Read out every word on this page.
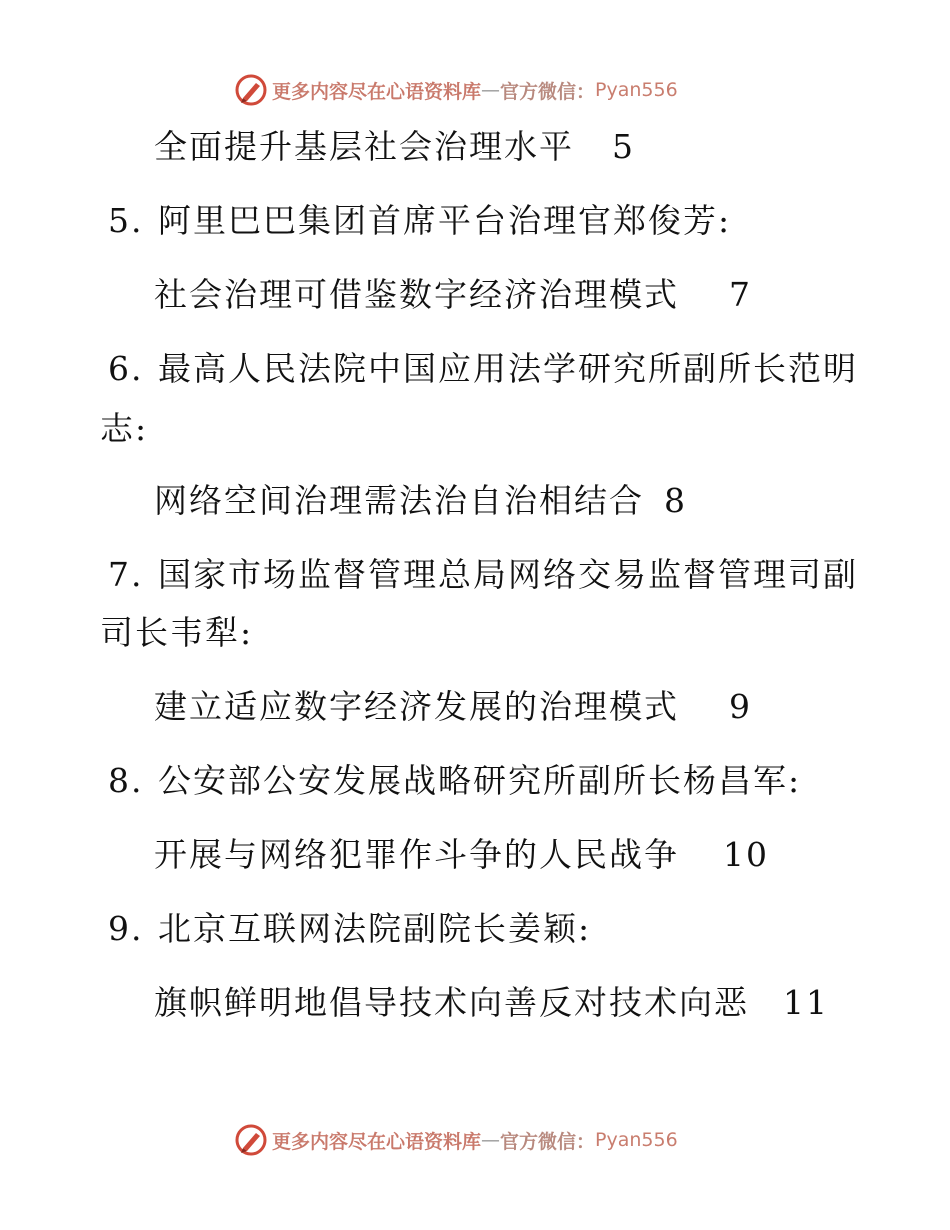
更多内容尽在心语资料库 — 官方微信： Pyan556
全面提升基层社会治理水平 5
5. 阿里巴巴集团首席平台治理官郑俊芳:
社会治理可借鉴数字经济治理模式 7
6. 最高人民法院中国应用法学研究所副所长范明
志:
网络空间治理需法治自治相结合 8
7. 国家市场监督管理总局网络交易监督管理司副
司长韦犁:
建立适应数字经济发展的治理模式 9
8. 公安部公安发展战略研究所副所长杨昌军:
开展与网络犯罪作斗争的人民战争 10
9. 北京互联网法院副院长姜颖:
旗帜鲜明地倡导技术向善反对技术向恶 11
更多内容尽在心语资料库 — 官方微信： Pyan556
